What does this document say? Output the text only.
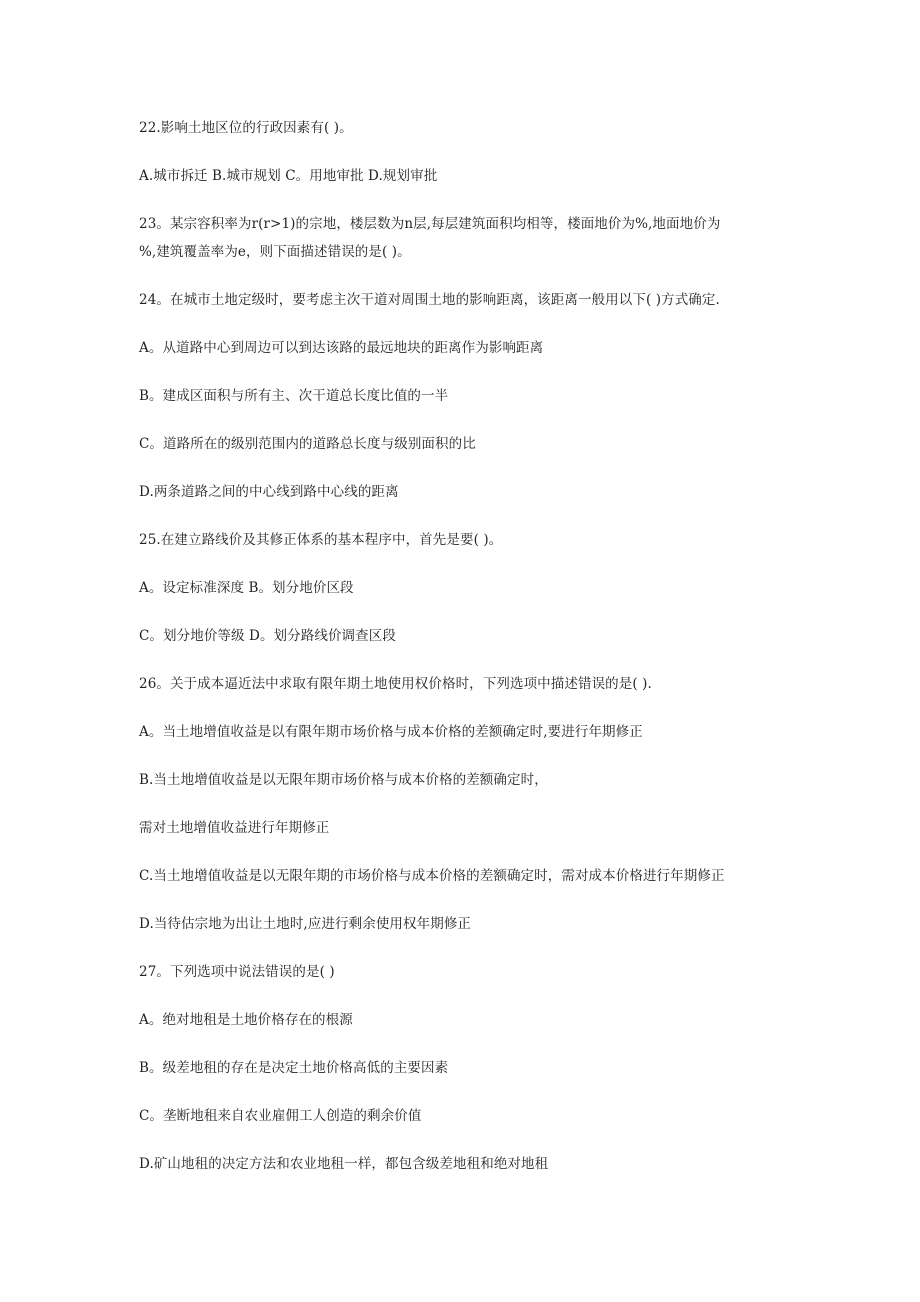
22.影响土地区位的行政因素有( )。
A.城市拆迁 B.城市规划 C。用地审批 D.规划审批
23。某宗容积率为r(r>1)的宗地，楼层数为n层,每层建筑面积均相等，楼面地价为%,地面地价为
%,建筑覆盖率为e，则下面描述错误的是( )。
24。在城市土地定级时，要考虑主次干道对周围土地的影响距离，该距离一般用以下( )方式确定.
A。从道路中心到周边可以到达该路的最远地块的距离作为影响距离
B。建成区面积与所有主、次干道总长度比值的一半
C。道路所在的级别范围内的道路总长度与级别面积的比
D.两条道路之间的中心线到路中心线的距离
25.在建立路线价及其修正体系的基本程序中，首先是要( )。
A。设定标准深度 B。划分地价区段
C。划分地价等级 D。划分路线价调查区段
26。关于成本逼近法中求取有限年期土地使用权价格时，下列选项中描述错误的是( ).
A。当土地增值收益是以有限年期市场价格与成本价格的差额确定时,要进行年期修正
B.当土地增值收益是以无限年期市场价格与成本价格的差额确定时，
需对土地增值收益进行年期修正
C.当土地增值收益是以无限年期的市场价格与成本价格的差额确定时，需对成本价格进行年期修正
D.当待估宗地为出让土地时,应进行剩余使用权年期修正
27。下列选项中说法错误的是( )
A。绝对地租是土地价格存在的根源
B。级差地租的存在是决定土地价格高低的主要因素
C。垄断地租来自农业雇佣工人创造的剩余价值
D.矿山地租的决定方法和农业地租一样，都包含级差地租和绝对地租
